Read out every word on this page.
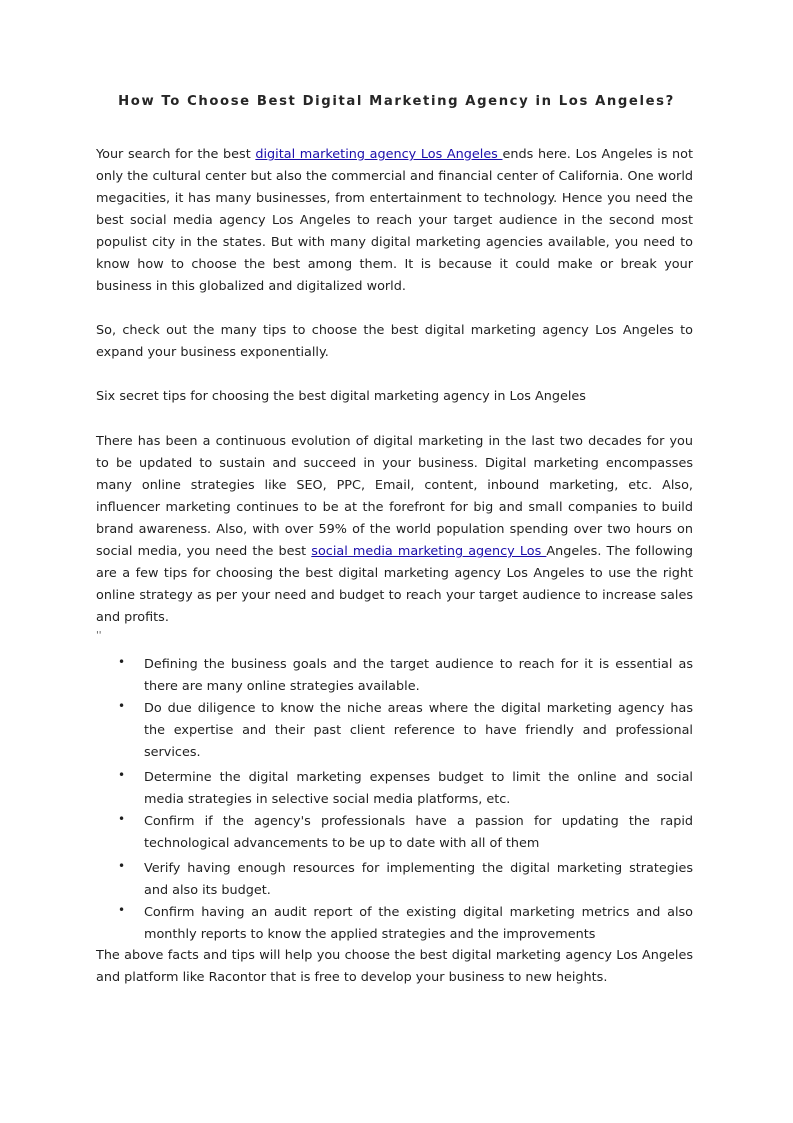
How To Choose Best Digital Marketing Agency in Los Angeles?

Your search for the best digital marketing agency Los Angeles ends here. Los Angeles is not only the cultural center but also the commercial and financial center of California. One world megacities, it has many businesses, from entertainment to technology. Hence you need the best social media agency Los Angeles to reach your target audience in the second most populist city in the states. But with many digital marketing agencies available, you need to know how to choose the best among them. It is because it could make or break your business in this globalized and digitalized world.

So, check out the many tips to choose the best digital marketing agency Los Angeles to expand your business exponentially.

Six secret tips for choosing the best digital marketing agency in Los Angeles

There has been a continuous evolution of digital marketing in the last two decades for you to be updated to sustain and succeed in your business. Digital marketing encompasses many online strategies like SEO, PPC, Email, content, inbound marketing, etc. Also, influencer marketing continues to be at the forefront for big and small companies to build brand awareness. Also, with over 59% of the world population spending over two hours on social media, you need the best social media marketing agency Los Angeles. The following are a few tips for choosing the best digital marketing agency Los Angeles to use the right online strategy as per your need and budget to reach your target audience to increase sales and profits.

''
• Defining the business goals and the target audience to reach for it is essential as there are many online strategies available.
• Do due diligence to know the niche areas where the digital marketing agency has the expertise and their past client reference to have friendly and professional services.
• Determine the digital marketing expenses budget to limit the online and social media strategies in selective social media platforms, etc.
• Confirm if the agency's professionals have a passion for updating the rapid technological advancements to be up to date with all of them
• Verify having enough resources for implementing the digital marketing strategies and also its budget.
• Confirm having an audit report of the existing digital marketing metrics and also monthly reports to know the applied strategies and the improvements

The above facts and tips will help you choose the best digital marketing agency Los Angeles and platform like Racontor that is free to develop your business to new heights.
